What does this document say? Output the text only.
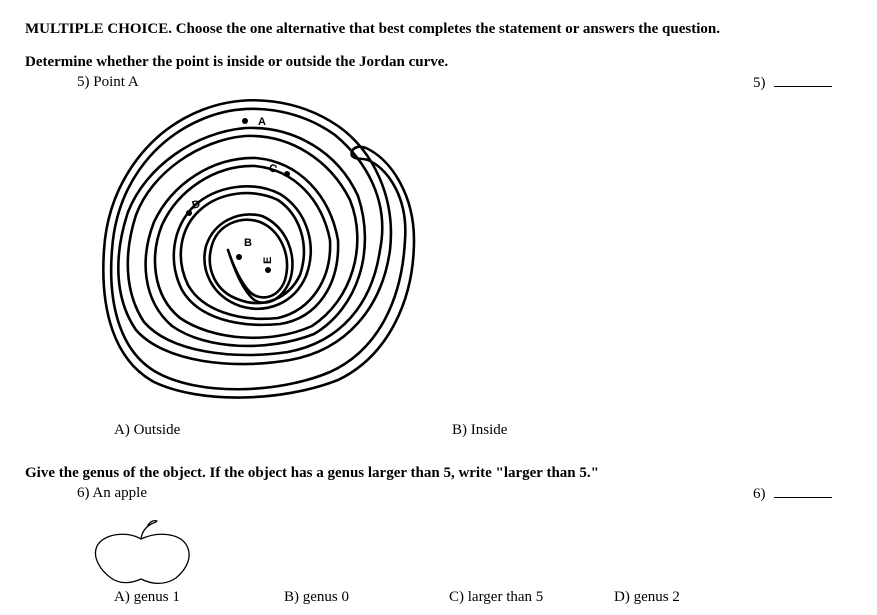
MULTIPLE CHOICE. Choose the one alternative that best completes the statement or answers the question.
Determine whether the point is inside or outside the Jordan curve.
5) Point A	5)
A
C
D
B
E
A) Outside	B) Inside
Give the genus of the object. If the object has a genus larger than 5, write "larger than 5."
6) An apple	6)
A) genus 1	B) genus 0	C) larger than 5	D) genus 2
